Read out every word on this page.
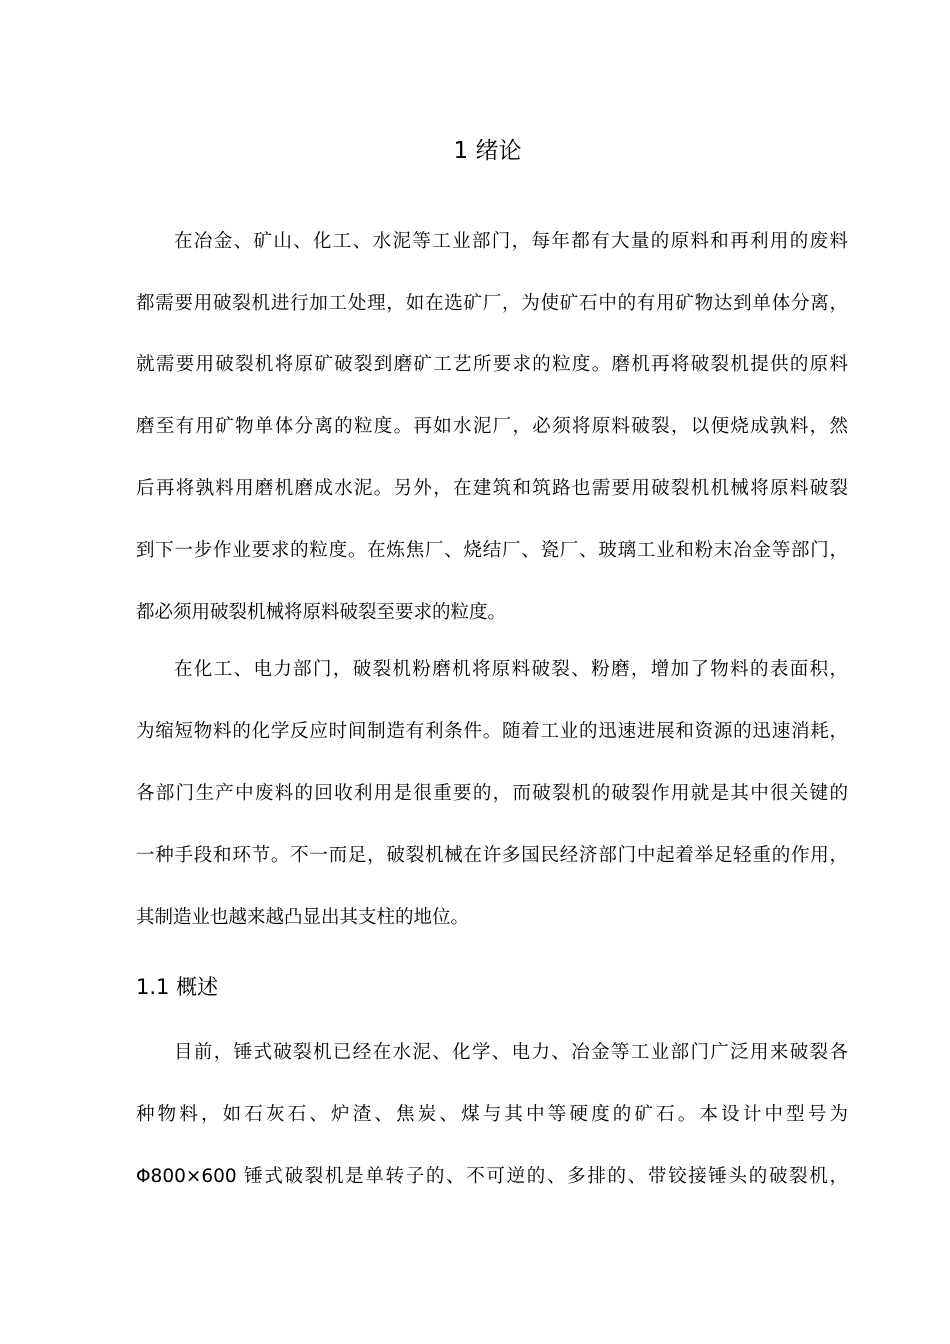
1 绪论

在冶金、矿山、化工、水泥等工业部门，每年都有大量的原料和再利用的废料

都需要用破裂机进行加工处理，如在选矿厂，为使矿石中的有用矿物达到单体分离，

就需要用破裂机将原矿破裂到磨矿工艺所要求的粒度。磨机再将破裂机提供的原料

磨至有用矿物单体分离的粒度。再如水泥厂，必须将原料破裂，以便烧成孰料，然

后再将孰料用磨机磨成水泥。另外，在建筑和筑路也需要用破裂机机械将原料破裂

到下一步作业要求的粒度。在炼焦厂、烧结厂、瓷厂、玻璃工业和粉末冶金等部门，

都必须用破裂机械将原料破裂至要求的粒度。

在化工、电力部门，破裂机粉磨机将原料破裂、粉磨，增加了物料的表面积，

为缩短物料的化学反应时间制造有利条件。随着工业的迅速进展和资源的迅速消耗，

各部门生产中废料的回收利用是很重要的，而破裂机的破裂作用就是其中很关键的

一种手段和环节。不一而足，破裂机械在许多国民经济部门中起着举足轻重的作用，

其制造业也越来越凸显出其支柱的地位。

1.1 概述

目前，锤式破裂机已经在水泥、化学、电力、冶金等工业部门广泛用来破裂各

种物料，如石灰石、炉渣、焦炭、煤与其中等硬度的矿石。本设计中型号为

Φ800×600 锤式破裂机是单转子的、不可逆的、多排的、带铰接锤头的破裂机，
